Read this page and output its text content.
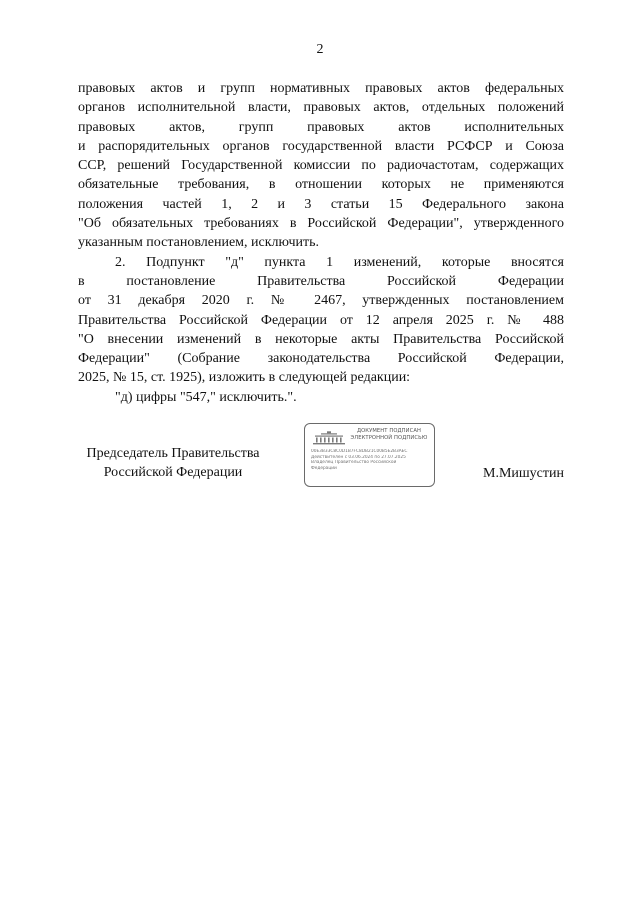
2
правовых актов и групп нормативных правовых актов федеральных
органов исполнительной власти, правовых актов, отдельных положений
правовых актов, групп правовых актов исполнительных
и распорядительных органов государственной власти РСФСР и Союза
ССР, решений Государственной комиссии по радиочастотам, содержащих
обязательные требования, в отношении которых не применяются
положения частей 1, 2 и 3 статьи 15 Федерального закона
"Об обязательных требованиях в Российской Федерации", утвержденного
указанным постановлением, исключить.
2. Подпункт "д" пункта 1 изменений, которые вносятся
в постановление Правительства Российской Федерации
от 31 декабря 2020 г. № 2467, утвержденных постановлением
Правительства Российской Федерации от 12 апреля 2025 г. № 488
"О внесении изменений в некоторые акты Правительства Российской
Федерации" (Собрание законодательства Российской Федерации,
2025, № 15, ст. 1925), изложить в следующей редакции:
"д) цифры "547," исключить.".
Председатель Правительства
Российской Федерации
ДОКУМЕНТ ПОДПИСАН
ЭЛЕКТРОННОЙ ПОДПИСЬЮ
00E3B33C8C0D1B7FC8DB21C00B5E2B3AEC
Действителен с 03.06.2024 по 27.07.2025
Владелец Правительство Российской
Федерации	М.Мишустин
